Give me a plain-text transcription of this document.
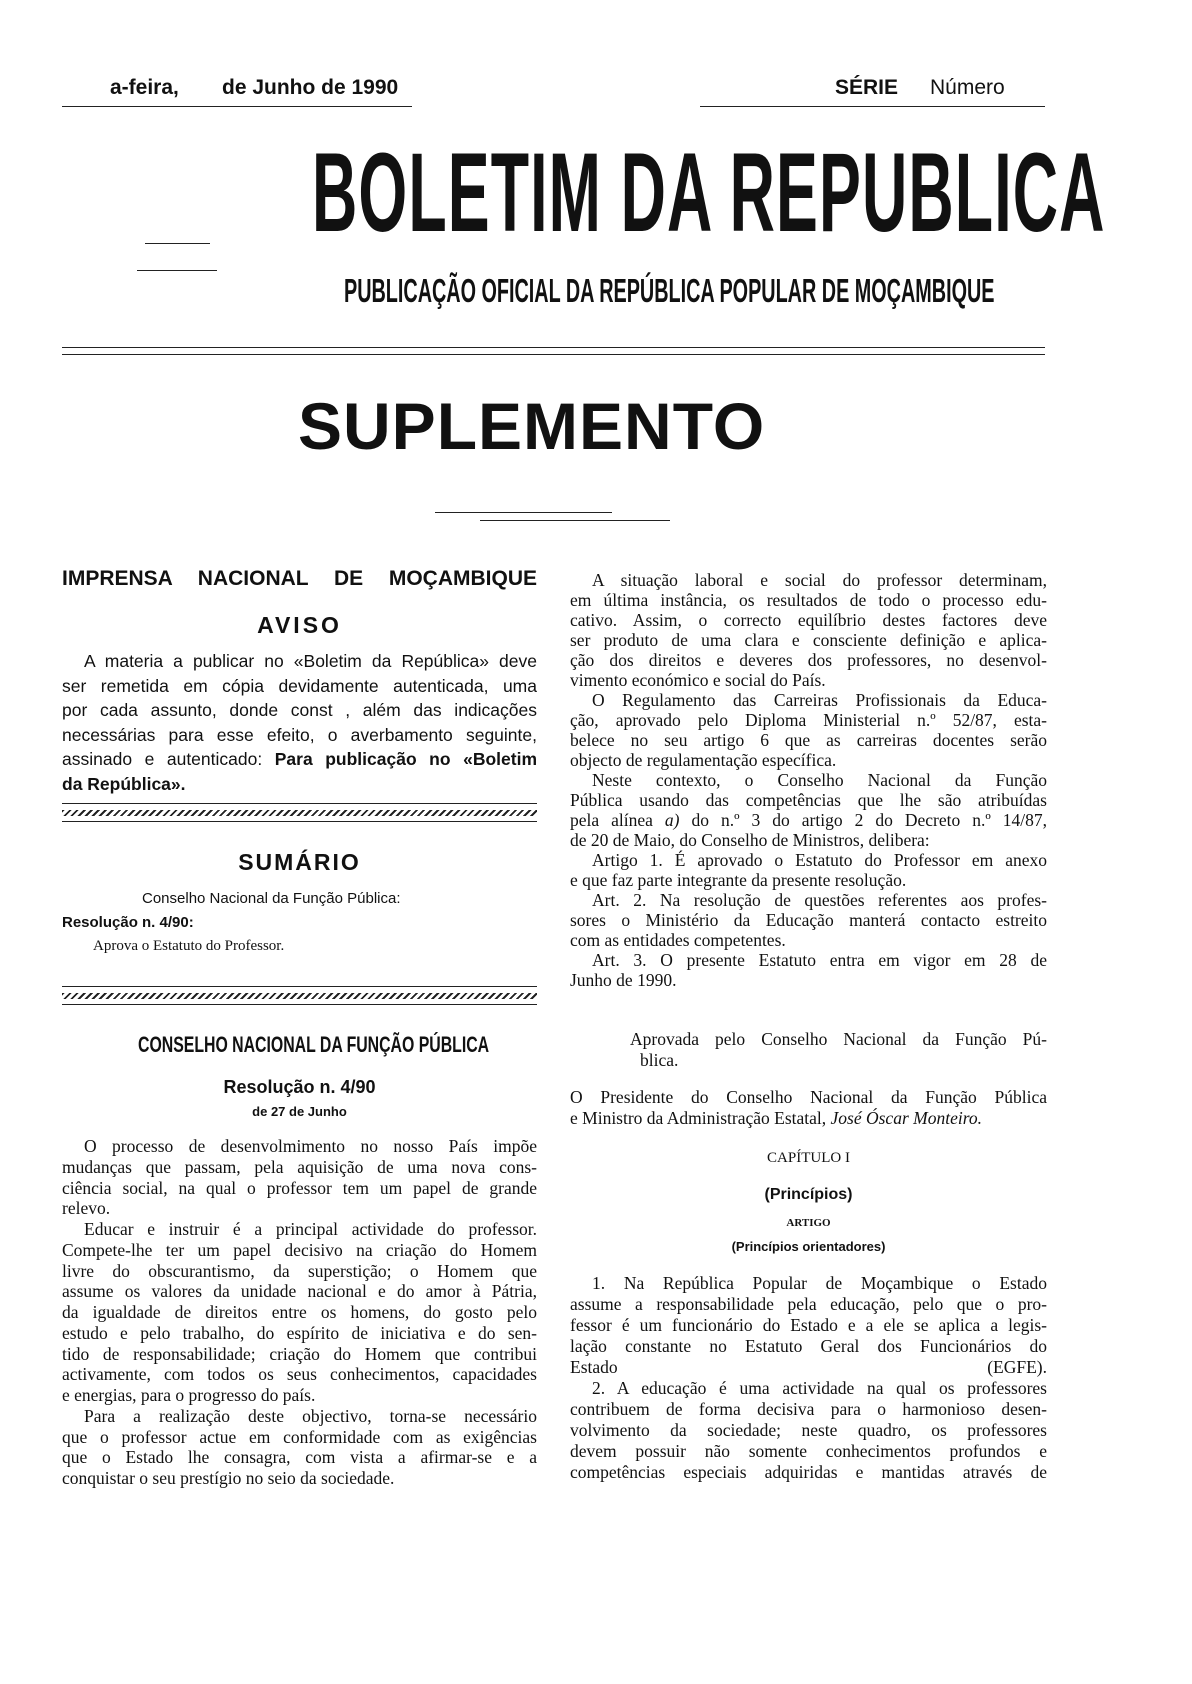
a-feira, de Junho de 1990	SÉRIE Número
BOLETIM DA REPUBLICA
PUBLICAÇÃO OFICIAL DA REPÚBLICA POPULAR DE MOÇAMBIQUE
SUPLEMENTO
IMPRENSA NACIONAL DE MOÇAMBIQUE
AVISO
A materia a publicar no «Boletim da República» deve
ser remetida em cópia devidamente autenticada, uma
por cada assunto, donde const , além das indicações
necessárias para esse efeito, o averbamento seguinte,
assinado e autenticado: Para publicação no «Boletim
da República».
SUMÁRIO
Conselho Nacional da Função Pública:
Resolução n. 4/90:
Aprova o Estatuto do Professor.
CONSELHO NACIONAL DA FUNÇÃO PÚBLICA
Resolução n. 4/90
de 27 de Junho
O processo de desenvolmimento no nosso País impõe
mudanças que passam, pela aquisição de uma nova cons-
ciência social, na qual o professor tem um papel de grande
relevo.
Educar e instruir é a principal actividade do professor.
Compete-lhe ter um papel decisivo na criação do Homem
livre do obscurantismo, da superstição; o Homem que
assume os valores da unidade nacional e do amor à Pátria,
da igualdade de direitos entre os homens, do gosto pelo
estudo e pelo trabalho, do espírito de iniciativa e do sen-
tido de responsabilidade; criação do Homem que contribui
activamente, com todos os seus conhecimentos, capacidades
e energias, para o progresso do país.
Para a realização deste objectivo, torna-se necessário
que o professor actue em conformidade com as exigências
que o Estado lhe consagra, com vista a afirmar-se e a
conquistar o seu prestígio no seio da sociedade.
A situação laboral e social do professor determinam,
em última instância, os resultados de todo o processo edu-
cativo. Assim, o correcto equilíbrio destes factores deve
ser produto de uma clara e consciente definição e aplica-
ção dos direitos e deveres dos professores, no desenvol-
vimento económico e social do País.
O Regulamento das Carreiras Profissionais da Educa-
ção, aprovado pelo Diploma Ministerial n.º 52/87, esta-
belece no seu artigo 6 que as carreiras docentes serão
objecto de regulamentação específica.
Neste contexto, o Conselho Nacional da Função
Pública usando das competências que lhe são atribuídas
pela alínea a) do n.º 3 do artigo 2 do Decreto n.º 14/87,
de 20 de Maio, do Conselho de Ministros, delibera:
Artigo 1. É aprovado o Estatuto do Professor em anexo
e que faz parte integrante da presente resolução.
Art. 2. Na resolução de questões referentes aos profes-
sores o Ministério da Educação manterá contacto estreito
com as entidades competentes.
Art. 3. O presente Estatuto entra em vigor em 28 de
Junho de 1990.
Aprovada pelo Conselho Nacional da Função Pú-
blica.
O Presidente do Conselho Nacional da Função Pública
e Ministro da Administração Estatal, José Óscar Monteiro.
CAPÍTULO I
(Princípios)
ARTIGO
(Princípios orientadores)
1. Na República Popular de Moçambique o Estado
assume a responsabilidade pela educação, pelo que o pro-
fessor é um funcionário do Estado e a ele se aplica a legis-
lação constante no Estatuto Geral dos Funcionários do
Estado (EGFE).
2. A educação é uma actividade na qual os professores
contribuem de forma decisiva para o harmonioso desen-
volvimento da sociedade; neste quadro, os professores
devem possuir não somente conhecimentos profundos e
competências especiais adquiridas e mantidas através de
